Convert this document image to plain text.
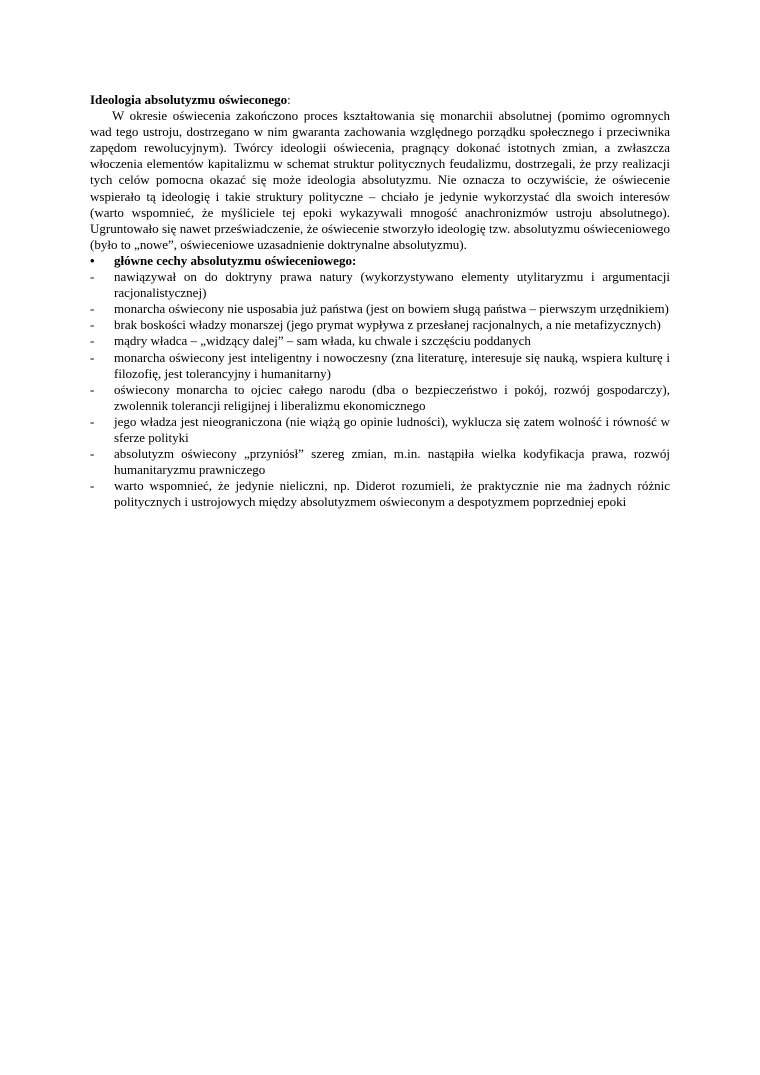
Ideologia absolutyzmu oświeconego:

W okresie oświecenia zakończono proces kształtowania się monarchii absolutnej (pomimo ogromnych wad tego ustroju, dostrzegano w nim gwaranta zachowania względnego porządku społecznego i przeciwnika zapędom rewolucyjnym). Twórcy ideologii oświecenia, pragnący dokonać istotnych zmian, a zwłaszcza włoczenia elementów kapitalizmu w schemat struktur politycznych feudalizmu, dostrzegali, że przy realizacji tych celów pomocna okazać się może ideologia absolutyzmu. Nie oznacza to oczywiście, że oświecenie wspierało tą ideologię i takie struktury polityczne – chciało je jedynie wykorzystać dla swoich interesów (warto wspomnieć, że myśliciele tej epoki wykazywali mnogość anachronizmów ustroju absolutnego). Ugruntowało się nawet przeświadczenie, że oświecenie stworzyło ideologię tzw. absolutyzmu oświeceniowego (było to „nowe”, oświeceniowe uzasadnienie doktrynalne absolutyzmu).

•	główne cechy absolutyzmu oświeceniowego:
-	nawiązywał on do doktryny prawa natury (wykorzystywano elementy utylitaryzmu i argumentacji racjonalistycznej)
-	monarcha oświecony nie usposabia już państwa (jest on bowiem sługą państwa – pierwszym urzędnikiem)
-	brak boskości władzy monarszej (jego prymat wypływa z przesłanej racjonalnych, a nie metafizycznych)
-	mądry władca – „widzący dalej” – sam włada, ku chwale i szczęściu poddanych
-	monarcha oświecony jest inteligentny i nowoczesny (zna literaturę, interesuje się nauką, wspiera kulturę i filozofię, jest tolerancyjny i humanitarny)
-	oświecony monarcha to ojciec całego narodu (dba o bezpieczeństwo i pokój, rozwój gospodarczy), zwolennik tolerancji religijnej i liberalizmu ekonomicznego
-	jego władza jest nieograniczona (nie wiążą go opinie ludności), wyklucza się zatem wolność i równość w sferze polityki
-	absolutyzm oświecony „przyniósł” szereg zmian, m.in. nastąpiła wielka kodyfikacja prawa, rozwój humanitaryzmu prawniczego
-	warto wspomnieć, że jedynie nieliczni, np. Diderot rozumieli, że praktycznie nie ma żadnych różnic politycznych i ustrojowych między absolutyzmem oświeconym a despotyzmem poprzedniej epoki
